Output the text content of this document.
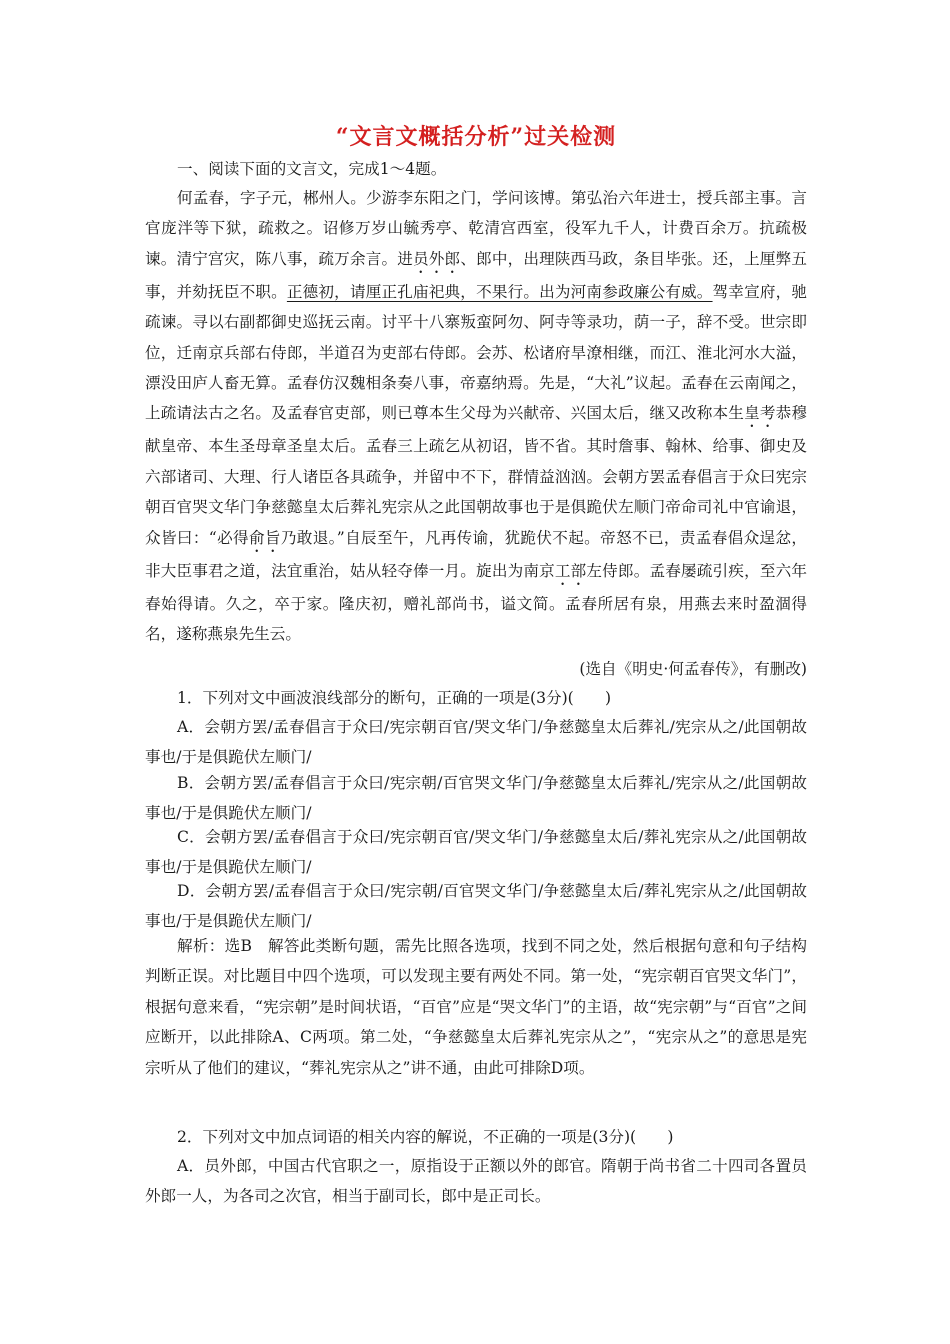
“文言文概括分析”过关检测

一、阅读下面的文言文，完成1～4题。

何孟春，字子元，郴州人。少游李东阳之门，学问该博。第弘治六年进士，授兵部主事。言官庞泮等下狱，疏救之。诏修万岁山毓秀亭、乾清宫西室，役军九千人，计费百余万。抗疏极谏。清宁宫灾，陈八事，疏万余言。进员外郎、郎中，出理陕西马政，条目毕张。还，上厘弊五事，并劾抚臣不职。正德初，请厘正孔庙祀典，不果行。出为河南参政廉公有威。驾幸宣府，驰疏谏。寻以右副都御史巡抚云南。讨平十八寨叛蛮阿勿、阿寺等录功，荫一子，辞不受。世宗即位，迁南京兵部右侍郎，半道召为吏部右侍郎。会苏、松诸府旱潦相继，而江、淮北河水大溢，漂没田庐人畜无算。孟春仿汉魏相条奏八事，帝嘉纳焉。先是，“大礼”议起。孟春在云南闻之，上疏请法古之名。及孟春官吏部，则已尊本生父母为兴献帝、兴国太后，继又改称本生皇考恭穆献皇帝、本生圣母章圣皇太后。孟春三上疏乞从初诏，皆不省。其时詹事、翰林、给事、御史及六部诸司、大理、行人诸臣各具疏争，并留中不下，群情益汹汹。会朝方罢孟春倡言于众曰宪宗朝百官哭文华门争慈懿皇太后葬礼宪宗从之此国朝故事也于是俱跪伏左顺门帝命司礼中官谕退，众皆曰：“必得俞旨乃敢退。”自辰至午，凡再传谕，犹跪伏不起。帝怒不已，责孟春倡众逞忿，非大臣事君之道，法宜重治，姑从轻夺俸一月。旋出为南京工部左侍郎。孟春屡疏引疾，至六年春始得请。久之，卒于家。隆庆初，赠礼部尚书，谥文简。孟春所居有泉，用燕去来时盈涸得名，遂称燕泉先生云。

(选自《明史·何孟春传》，有删改)

1．下列对文中画波浪线部分的断句，正确的一项是(3分)(　　)

A．会朝方罢/孟春倡言于众曰/宪宗朝百官/哭文华门/争慈懿皇太后葬礼/宪宗从之/此国朝故事也/于是俱跪伏左顺门/

B．会朝方罢/孟春倡言于众曰/宪宗朝/百官哭文华门/争慈懿皇太后葬礼/宪宗从之/此国朝故事也/于是俱跪伏左顺门/

C．会朝方罢/孟春倡言于众曰/宪宗朝百官/哭文华门/争慈懿皇太后/葬礼宪宗从之/此国朝故事也/于是俱跪伏左顺门/

D．会朝方罢/孟春倡言于众曰/宪宗朝/百官哭文华门/争慈懿皇太后/葬礼宪宗从之/此国朝故事也/于是俱跪伏左顺门/

解析：选B　解答此类断句题，需先比照各选项，找到不同之处，然后根据句意和句子结构判断正误。对比题目中四个选项，可以发现主要有两处不同。第一处，“宪宗朝百官哭文华门”，根据句意来看，“宪宗朝”是时间状语，“百官”应是“哭文华门”的主语，故“宪宗朝”与“百官”之间应断开，以此排除A、C两项。第二处，“争慈懿皇太后葬礼宪宗从之”，“宪宗从之”的意思是宪宗听从了他们的建议，“葬礼宪宗从之”讲不通，由此可排除D项。

2．下列对文中加点词语的相关内容的解说，不正确的一项是(3分)(　　)

A．员外郎，中国古代官职之一，原指设于正额以外的郎官。隋朝于尚书省二十四司各置员外郎一人，为各司之次官，相当于副司长，郎中是正司长。
